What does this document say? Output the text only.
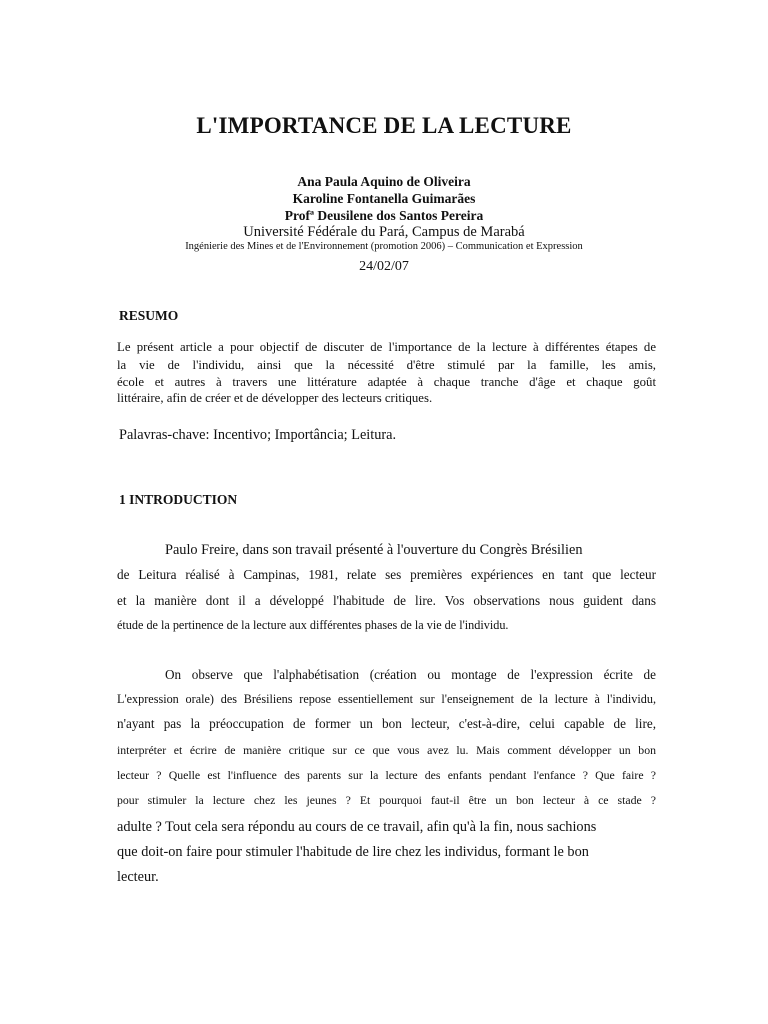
L'IMPORTANCE DE LA LECTURE
Ana Paula Aquino de Oliveira
Karoline Fontanella Guimarães
Profª Deusilene dos Santos Pereira
Université Fédérale du Pará, Campus de Marabá
Ingénierie des Mines et de l'Environnement (promotion 2006) – Communication et Expression
24/02/07
RESUMO
Le présent article a pour objectif de discuter de l'importance de la lecture à différentes étapes de
la vie de l'individu, ainsi que la nécessité d'être stimulé par la famille, les amis,
école et autres à travers une littérature adaptée à chaque tranche d'âge et chaque goût
littéraire, afin de créer et de développer des lecteurs critiques.
Palavras-chave: Incentivo; Importância; Leitura.
1 INTRODUCTION
Paulo Freire, dans son travail présenté à l'ouverture du Congrès Brésilien
de Leitura réalisé à Campinas, 1981, relate ses premières expériences en tant que lecteur
et la manière dont il a développé l'habitude de lire. Vos observations nous guident dans
étude de la pertinence de la lecture aux différentes phases de la vie de l'individu.
On observe que l'alphabétisation (création ou montage de l'expression écrite de
L'expression orale) des Brésiliens repose essentiellement sur l'enseignement de la lecture à l'individu,
n'ayant pas la préoccupation de former un bon lecteur, c'est-à-dire, celui capable de lire,
interpréter et écrire de manière critique sur ce que vous avez lu. Mais comment développer un bon
lecteur ? Quelle est l'influence des parents sur la lecture des enfants pendant l'enfance ? Que faire ?
pour stimuler la lecture chez les jeunes ? Et pourquoi faut-il être un bon lecteur à ce stade ?
adulte ? Tout cela sera répondu au cours de ce travail, afin qu'à la fin, nous sachions
que doit-on faire pour stimuler l'habitude de lire chez les individus, formant le bon
lecteur.
